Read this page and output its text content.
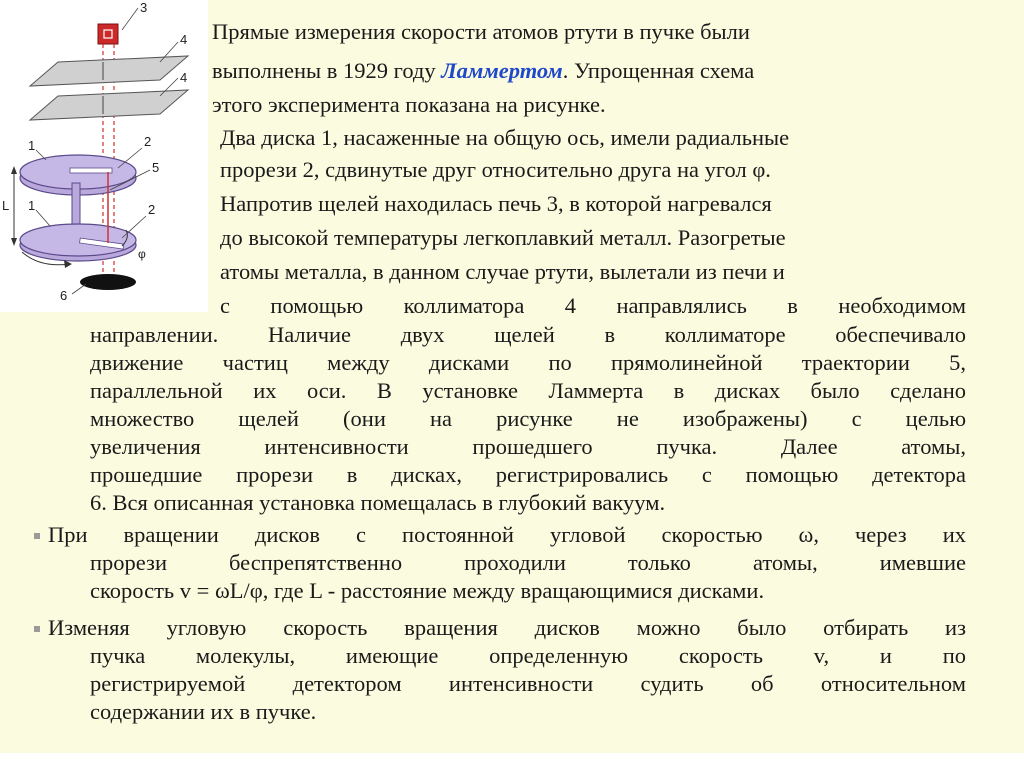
3
4
4
1	2
5
L 1	2
φ
6
Прямые измерения скорости атомов ртути в пучке были
выполнены в 1929 году Ламмертом. Упрощенная схема
этого эксперимента показана на рисунке.
Два диска 1, насаженные на общую ось, имели радиальные
прорези 2, сдвинутые друг относительно друга на угол φ.
Напротив щелей находилась печь 3, в которой нагревался
до высокой температуры легкоплавкий металл. Разогретые
атомы металла, в данном случае ртути, вылетали из печи и
с помощью коллиматора 4 направлялись в необходимом
направлении. Наличие двух щелей в коллиматоре обеспечивало
движение частиц между дисками по прямолинейной траектории 5,
параллельной их оси. В установке Ламмерта в дисках было сделано
множество щелей (они на рисунке не изображены) с целью
увеличения интенсивности прошедшего пучка. Далее атомы,
прошедшие прорези в дисках, регистрировались с помощью детектора
6. Вся описанная установка помещалась в глубокий вакуум.
При вращении дисков с постоянной угловой скоростью ω, через их
прорези беспрепятственно проходили только атомы, имевшие
скорость v = ωL/φ, где L - расстояние между вращающимися дисками.
Изменяя угловую скорость вращения дисков можно было отбирать из
пучка молекулы, имеющие определенную скорость v, и по
регистрируемой детектором интенсивности судить об относительном
содержании их в пучке.
